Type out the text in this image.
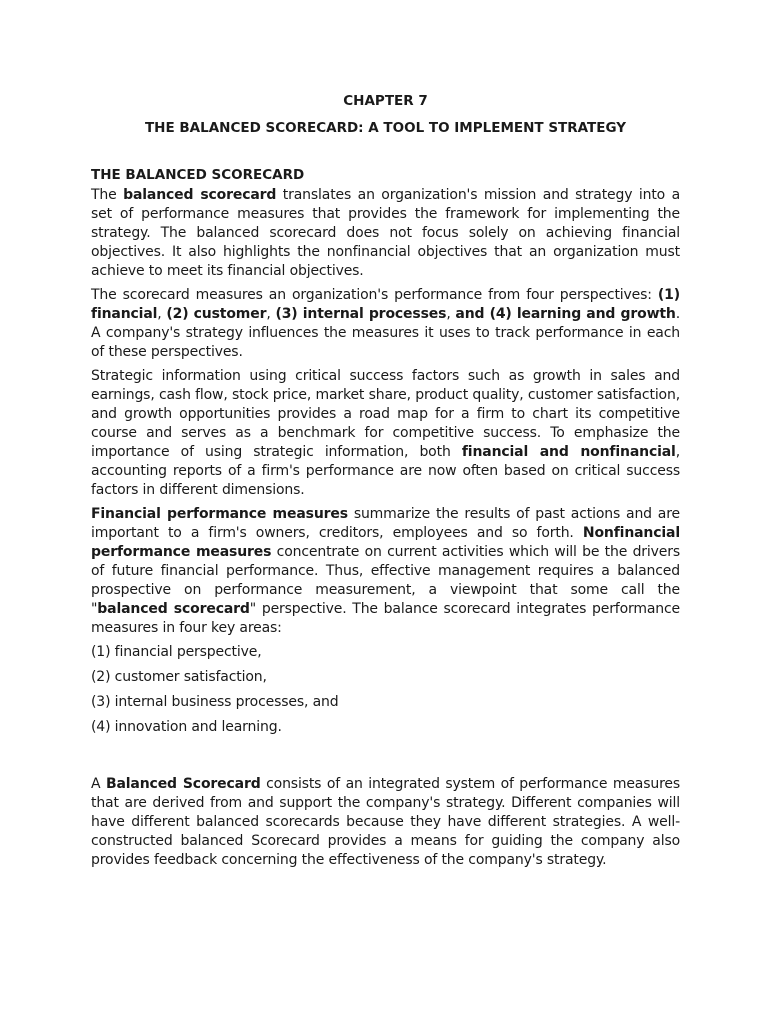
CHAPTER 7

THE BALANCED SCORECARD: A TOOL TO IMPLEMENT STRATEGY

THE BALANCED SCORECARD

The balanced scorecard translates an organization's mission and strategy into a set of performance measures that provides the framework for implementing the strategy. The balanced scorecard does not focus solely on achieving financial objectives. It also highlights the nonfinancial objectives that an organization must achieve to meet its financial objectives.

The scorecard measures an organization's performance from four perspectives: (1) financial, (2) customer, (3) internal processes, and (4) learning and growth. A company's strategy influences the measures it uses to track performance in each of these perspectives.

Strategic information using critical success factors such as growth in sales and earnings, cash flow, stock price, market share, product quality, customer satisfaction, and growth opportunities provides a road map for a firm to chart its competitive course and serves as a benchmark for competitive success. To emphasize the importance of using strategic information, both financial and nonfinancial, accounting reports of a firm's performance are now often based on critical success factors in different dimensions.

Financial performance measures summarize the results of past actions and are important to a firm's owners, creditors, employees and so forth. Nonfinancial performance measures concentrate on current activities which will be the drivers of future financial performance. Thus, effective management requires a balanced prospective on performance measurement, a viewpoint that some call the "balanced scorecard" perspective. The balance scorecard integrates performance measures in four key areas:

(1) financial perspective,
(2) customer satisfaction,
(3) internal business processes, and
(4) innovation and learning.

A Balanced Scorecard consists of an integrated system of performance measures that are derived from and support the company's strategy. Different companies will have different balanced scorecards because they have different strategies. A well-constructed balanced Scorecard provides a means for guiding the company also provides feedback concerning the effectiveness of the company's strategy.
